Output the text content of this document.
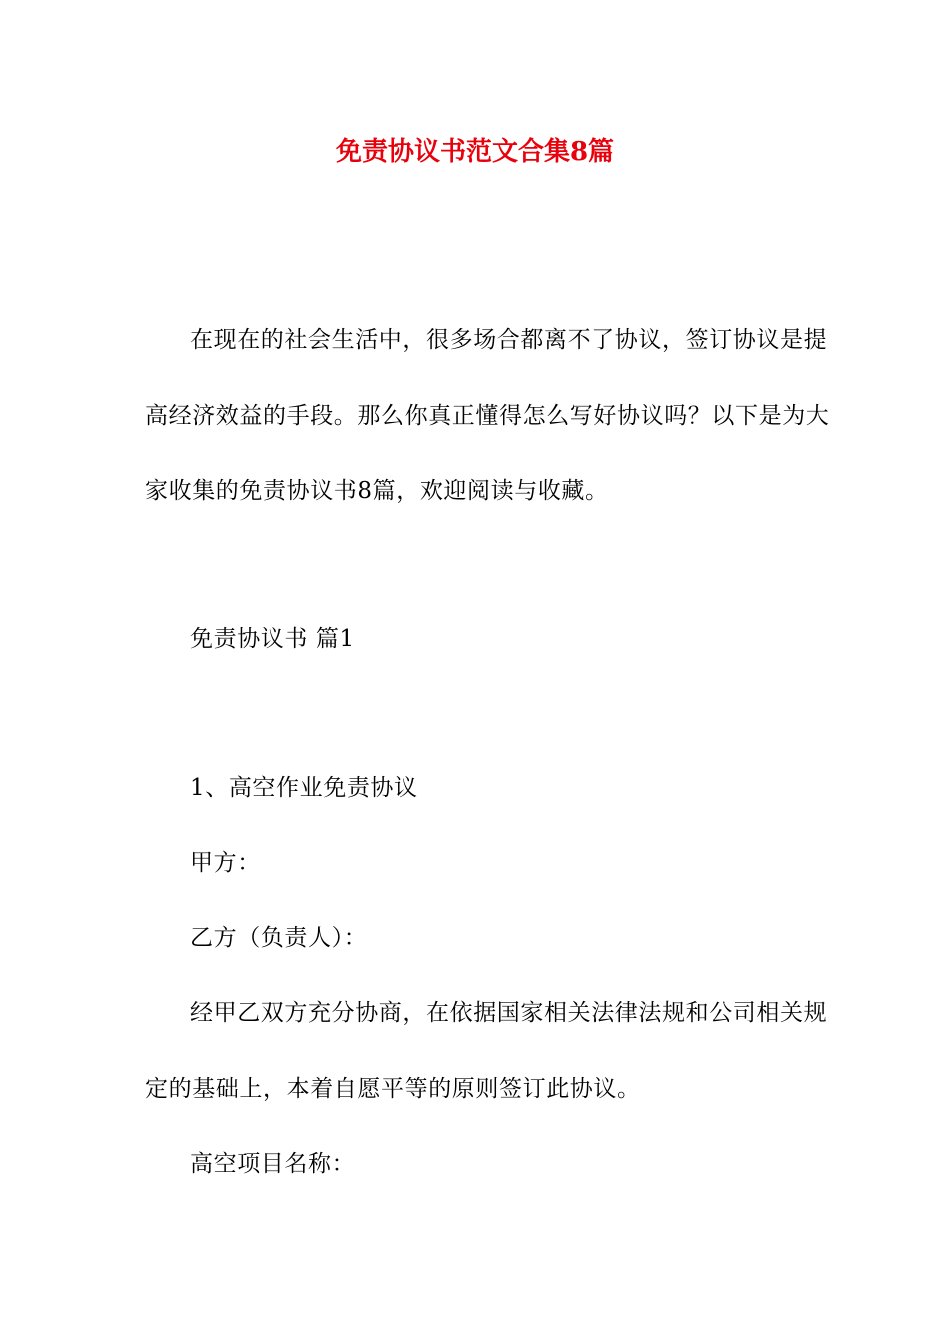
免责协议书范文合集8篇
在现在的社会生活中，很多场合都离不了协议，签订协议是提
高经济效益的手段。那么你真正懂得怎么写好协议吗？以下是为大
家收集的免责协议书8篇，欢迎阅读与收藏。

免责协议书 篇1

1、高空作业免责协议

甲方：

乙方（负责人）：

经甲乙双方充分协商，在依据国家相关法律法规和公司相关规
定的基础上，本着自愿平等的原则签订此协议。

高空项目名称：
